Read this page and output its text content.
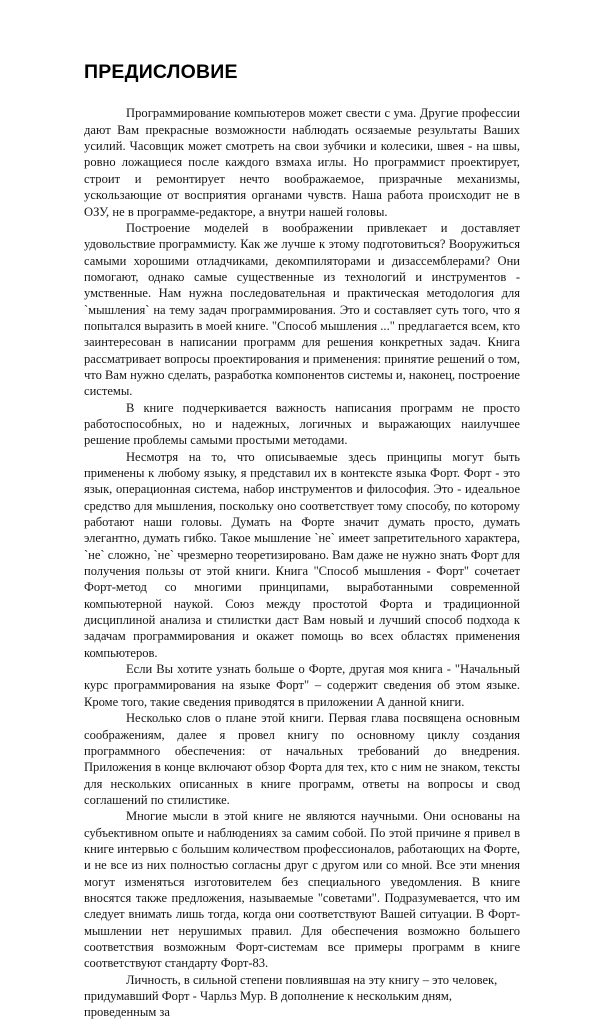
ПРЕДИСЛОВИЕ

Программирование компьютеров может свести с ума. Другие профессии дают Вам прекрасные возможности наблюдать осязаемые результаты Ваших усилий. Часовщик может смотреть на свои зубчики и колесики, швея - на швы, ровно ложащиеся после каждого взмаха иглы. Но программист проектирует, строит и ремонтирует нечто воображаемое, призрачные механизмы, ускользающие от восприятия органами чувств. Наша работа происходит не в ОЗУ, не в программе-редакторе, а внутри нашей головы.

Построение моделей в воображении привлекает и доставляет удовольствие программисту. Как же лучше к этому подготовиться? Вооружиться самыми хорошими отладчиками, декомпиляторами и дизассемблерами? Они помогают, однако самые существенные из технологий и инструментов - умственные. Нам нужна последовательная и практическая методология для `мышления` на тему задач программирования. Это и составляет суть того, что я попытался выразить в моей книге. "Способ мышления ..." предлагается всем, кто заинтересован в написании программ для решения конкретных задач. Книга рассматривает вопросы проектирования и применения: принятие решений о том, что Вам нужно сделать, разработка компонентов системы и, наконец, построение системы.

В книге подчеркивается важность написания программ не просто работоспособных, но и надежных, логичных и выражающих наилучшее решение проблемы самыми простыми методами.

Несмотря на то, что описываемые здесь принципы могут быть применены к любому языку, я представил их в контексте языка Форт. Форт - это язык, операционная система, набор инструментов и философия. Это - идеальное средство для мышления, поскольку оно соответствует тому способу, по которому работают наши головы. Думать на Форте значит думать просто, думать элегантно, думать гибко. Такое мышление `не` имеет запретительного характера, `не` сложно, `не` чрезмерно теоретизировано. Вам даже не нужно знать Форт для получения пользы от этой книги. Книга "Способ мышления - Форт" сочетает Форт-метод со многими принципами, выработанными современной компьютерной наукой. Союз между простотой Форта и традиционной дисциплиной анализа и стилистки даст Вам новый и лучший способ подхода к задачам программирования и окажет помощь во всех областях применения компьютеров.

Если Вы хотите узнать больше о Форте, другая моя книга - "Начальный курс программирования на языке Форт" – содержит сведения об этом языке. Кроме того, такие сведения приводятся в приложении А данной книги.

Несколько слов о плане этой книги. Первая глава посвящена основным соображениям, далее я провел книгу по основному циклу создания программного обеспечения: от начальных требований до внедрения. Приложения в конце включают обзор Форта для тех, кто с ним не знаком, тексты для нескольких описанных в книге программ, ответы на вопросы и свод соглашений по стилистике.

Многие мысли в этой книге не являются научными. Они основаны на субъективном опыте и наблюдениях за самим собой. По этой причине я привел в книге интервью с большим количеством профессионалов, работающих на Форте, и не все из них полностью согласны друг с другом или со мной. Все эти мнения могут изменяться изготовителем без специального уведомления. В книге вносятся также предложения, называемые "советами". Подразумевается, что им следует внимать лишь тогда, когда они соответствуют Вашей ситуации. В Форт-мышлении нет нерушимых правил. Для обеспечения возможно большего соответствия возможным Форт-системам все примеры программ в книге соответствуют стандарту Форт-83.

Личность, в сильной степени повлиявшая на эту книгу – это человек, придумавший Форт - Чарльз Мур. В дополнение к нескольким дням, проведенным за
